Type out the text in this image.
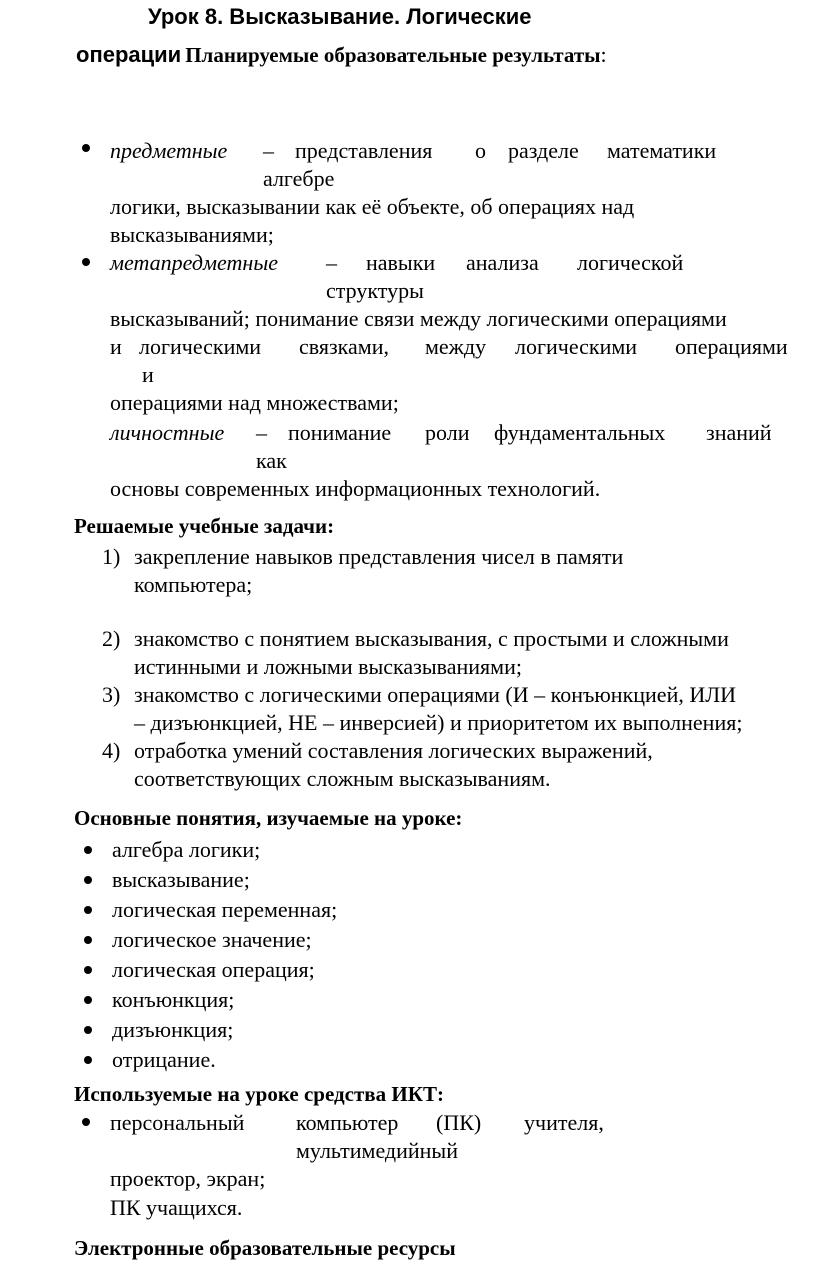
Урок 8. Высказывание. Логические
операции Планируемые образовательные результаты:
предметные – представления о разделе математики
алгебре
логики, высказывании как её объекте, об операциях над
высказываниями;
метапредметные – навыки анализа логической
структуры
высказываний; понимание связи между логическими операциями
и логическими связками, между логическими операциями
и
операциями над множествами;
личностные – понимание роли фундаментальных знаний
как
основы современных информационных технологий.
Решаемые учебные задачи:
1) закрепление навыков представления чисел в памяти
компьютера;
2) знакомство с понятием высказывания, с простыми и сложными
истинными и ложными высказываниями;
3) знакомство с логическими операциями (И – конъюнкцией, ИЛИ
– дизъюнкцией, НЕ – инверсией) и приоритетом их выполнения;
4) отработка умений составления логических выражений,
соответствующих сложным высказываниям.
Основные понятия, изучаемые на уроке:
алгебра логики;
высказывание;
логическая переменная;
логическое значение;
логическая операция;
конъюнкция;
дизъюнкция;
отрицание.
Используемые на уроке средства ИКТ:
персональный компьютер (ПК) учителя,
мультимедийный
проектор, экран;
ПК учащихся.
Электронные образовательные ресурсы
